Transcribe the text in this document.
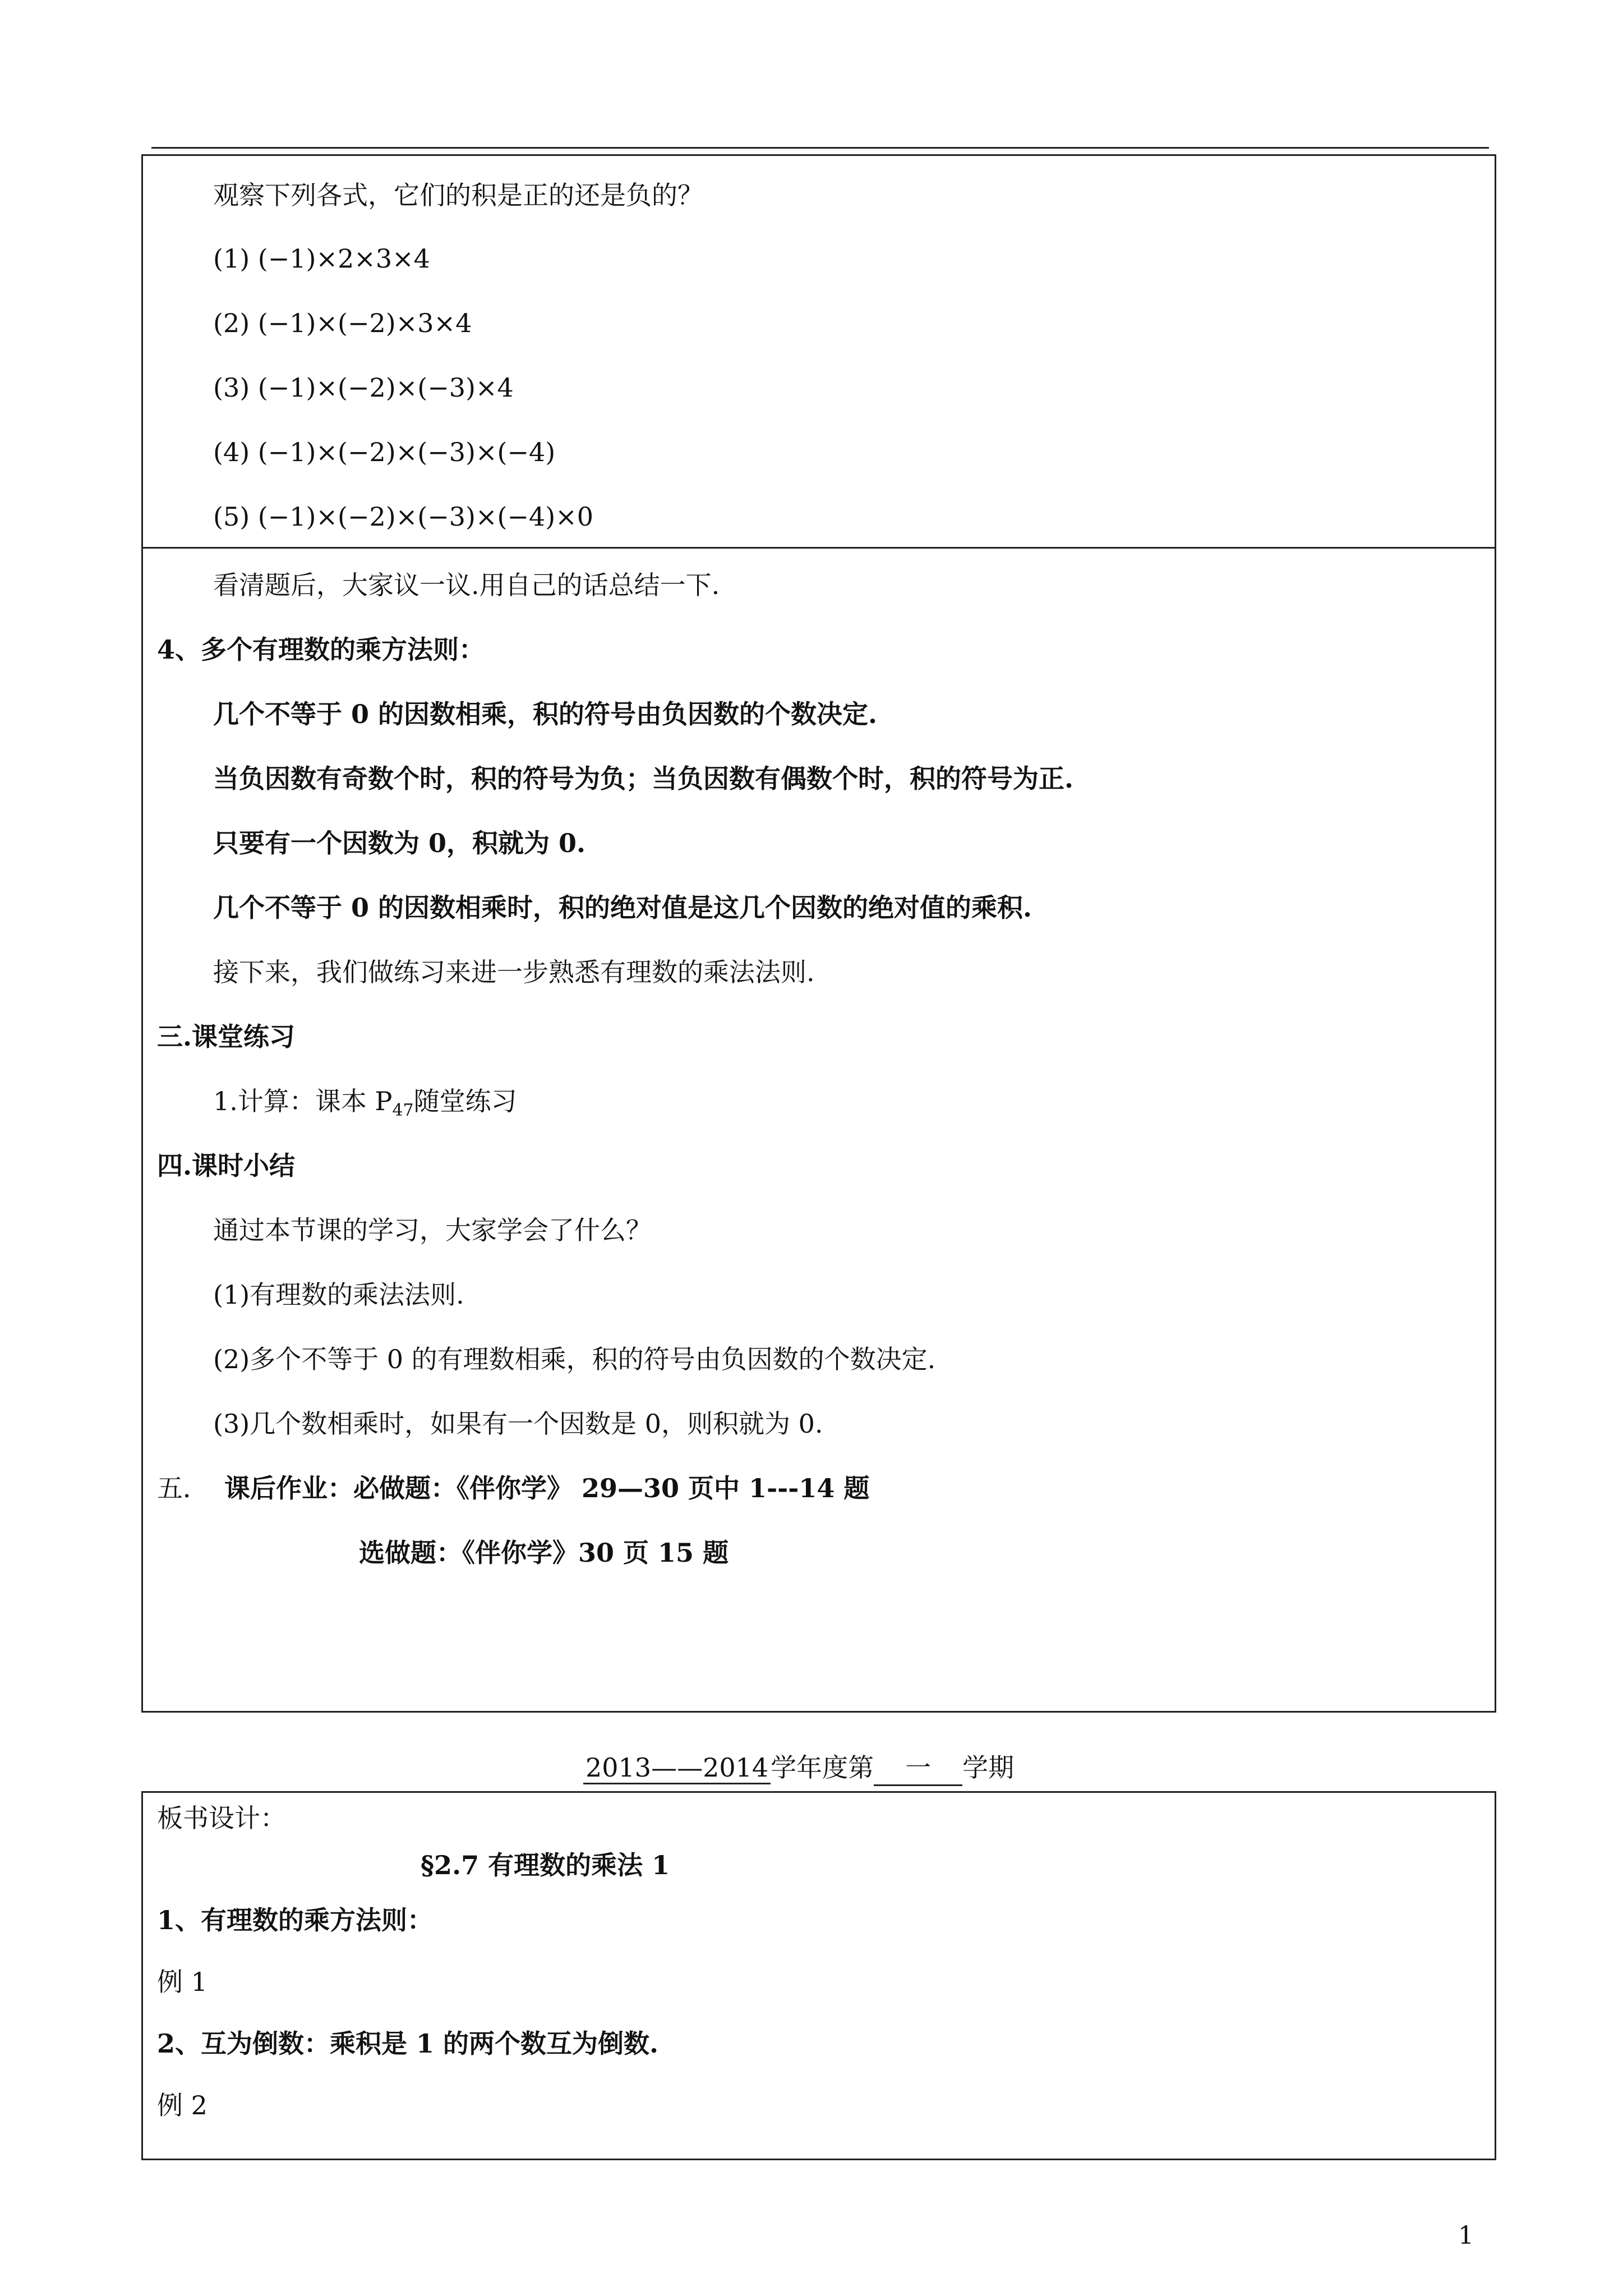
观察下列各式，它们的积是正的还是负的？
(1) (−1)×2×3×4
(2) (−1)×(−2)×3×4
(3) (−1)×(−2)×(−3)×4
(4) (−1)×(−2)×(−3)×(−4)
(5) (−1)×(−2)×(−3)×(−4)×0
看清题后，大家议一议.用自己的话总结一下.
4、多个有理数的乘方法则：
几个不等于 0 的因数相乘，积的符号由负因数的个数决定.
当负因数有奇数个时，积的符号为负；当负因数有偶数个时，积的符号为正.
只要有一个因数为 0，积就为 0.
几个不等于 0 的因数相乘时，积的绝对值是这几个因数的绝对值的乘积.
接下来，我们做练习来进一步熟悉有理数的乘法法则.
三.课堂练习
1.计算：课本 $P_{47}$随堂练习
四.课时小结
通过本节课的学习，大家学会了什么？
(1)有理数的乘法法则.
(2)多个不等于 0 的有理数相乘，积的符号由负因数的个数决定.
(3)几个数相乘时，如果有一个因数是 0，则积就为 0.
五． 课后作业：必做题：《伴你学》 29—30 页中 1---14 题
选做题：《伴你学》30 页 15 题
2013——2014学年度第 一 学期
板书设计：
§2.7 有理数的乘法 1
1、有理数的乘方法则：
例 1
2、互为倒数：乘积是 1 的两个数互为倒数.
例 2
1
